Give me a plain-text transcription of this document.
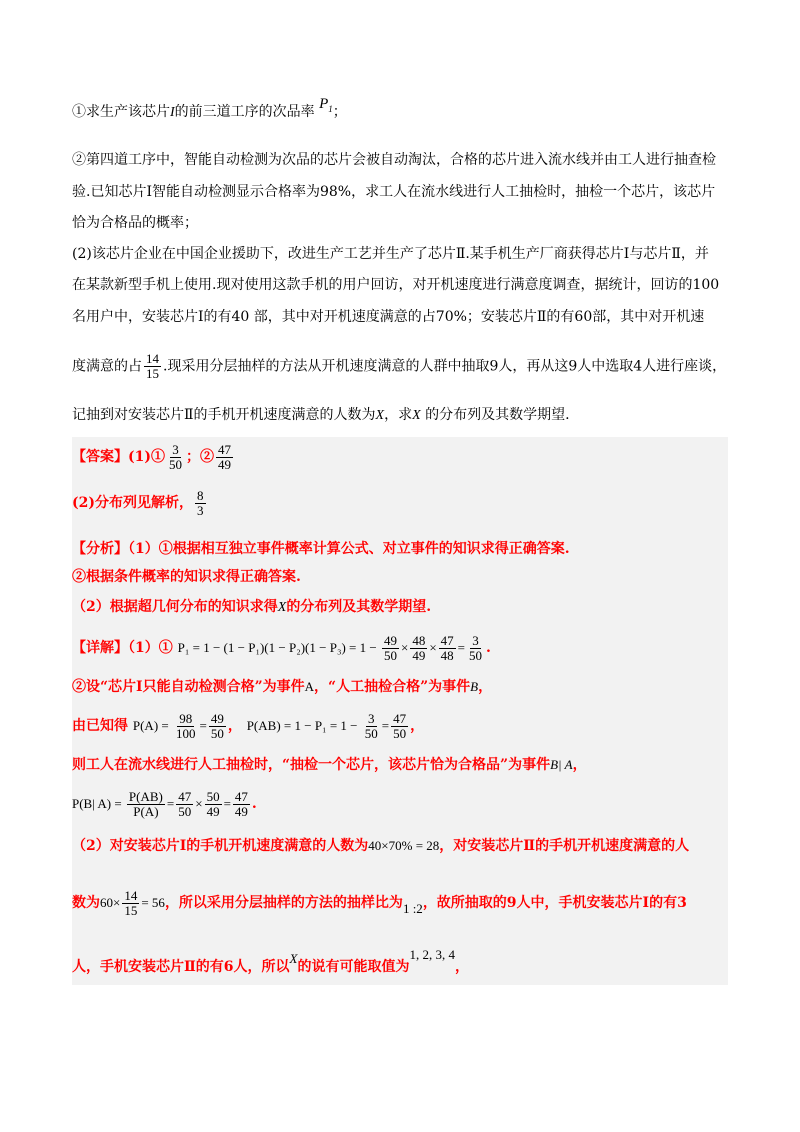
①求生产该芯片I的前三道工序的次品率 $P_1$；
②第四道工序中，智能自动检测为次品的芯片会被自动淘汰，合格的芯片进入流水线并由工人进行抽查检
验.已知芯片Ⅰ智能自动检测显示合格率为98%，求工人在流水线进行人工抽检时，抽检一个芯片，该芯片
恰为合格品的概率；
(2)该芯片企业在中国企业援助下，改进生产工艺并生产了芯片Ⅱ.某手机生产厂商获得芯片Ⅰ与芯片Ⅱ，并
在某款新型手机上使用.现对使用这款手机的用户回访，对开机速度进行满意度调查，据统计，回访的100
名用户中，安装芯片Ⅰ的有40 部，其中对开机速度满意的占70%；安装芯片Ⅱ的有60部，其中对开机速
度满意的占 $\frac{14}{15}$ .现采用分层抽样的方法从开机速度满意的人群中抽取9人，再从这9人中选取4人进行座谈，
记抽到对安装芯片Ⅱ的手机开机速度满意的人数为X，求X 的分布列及其数学期望.
【答案】(1)① $\frac{3}{50}$ ；② $\frac{47}{49}$
(2)分布列见解析， $\frac{8}{3}$
【分析】（1）①根据相互独立事件概率计算公式、对立事件的知识求得正确答案.
②根据条件概率的知识求得正确答案.
（2）根据超几何分布的知识求得X的分布列及其数学期望.
【详解】（1）① $P_1 = 1 - (1 - P_1)(1 - P_2)(1 - P_3) = 1 - \frac{49}{50} \times \frac{48}{49} \times \frac{47}{48} = \frac{3}{50}$ .
②设“芯片Ⅰ只能自动检测合格”为事件A，“人工抽检合格”为事件B，
由已知得 $P(A) = \frac{98}{100} = \frac{49}{50}$ ， $P(AB) = 1 - P_1 = 1 - \frac{3}{50} = \frac{47}{50}$ ，
则工人在流水线进行人工抽检时，“抽检一个芯片，该芯片恰为合格品”为事件B| A，
P(B| $A) = \frac{P(AB)}{P(A)} = \frac{47}{50} \times \frac{50}{49} = \frac{47}{49}$ .
（2）对安装芯片Ⅰ的手机开机速度满意的人数为40×70% = 28，对安装芯片Ⅱ的手机开机速度满意的人
数为$60\times \frac{14}{15} = 56$，所以采用分层抽样的方法的抽样比为1 :2，故所抽取的9人中，手机安装芯片Ⅰ的有3
人，手机安装芯片Ⅱ的有6人，所以X的说有可能取值为1, 2, 3, 4，
